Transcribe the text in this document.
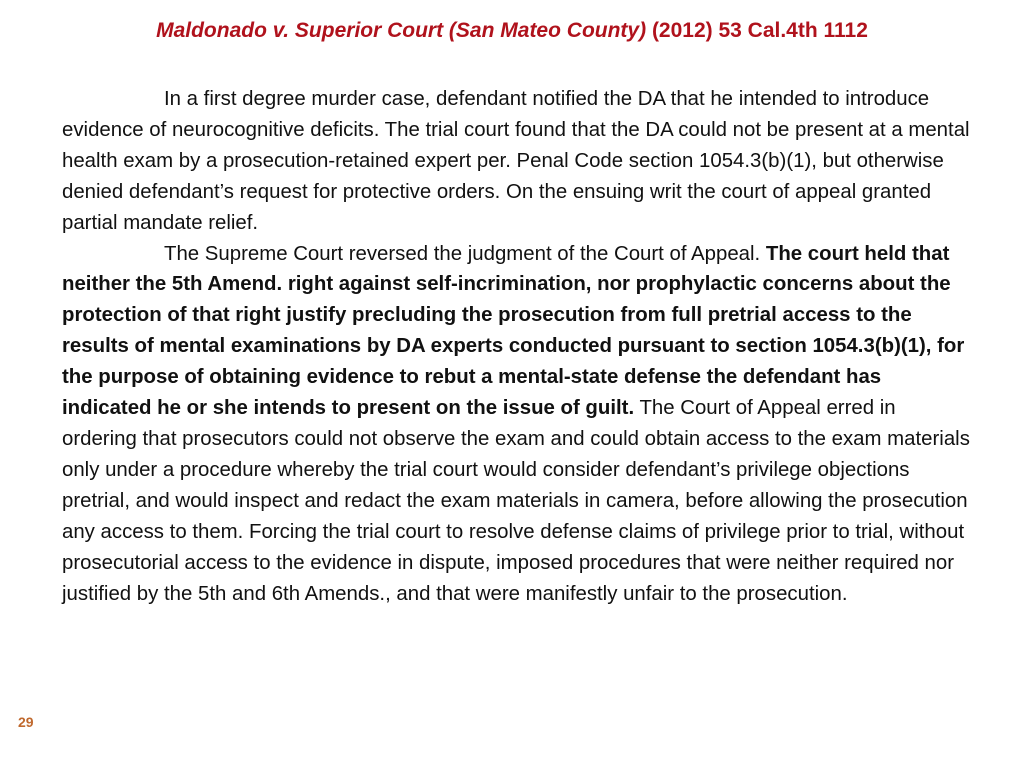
Maldonado v. Superior Court (San Mateo County) (2012) 53 Cal.4th 1112

In a first degree murder case, defendant notified the DA that he intended to introduce evidence of neurocognitive deficits. The trial court found that the DA could not be present at a mental health exam by a prosecution-retained expert per. Penal Code section 1054.3(b)(1), but otherwise denied defendant’s request for protective orders. On the ensuing writ the court of appeal granted partial mandate relief.

The Supreme Court reversed the judgment of the Court of Appeal. The court held that neither the 5th Amend. right against self-incrimination, nor prophylactic concerns about the protection of that right justify precluding the prosecution from full pretrial access to the results of mental examinations by DA experts conducted pursuant to section 1054.3(b)(1), for the purpose of obtaining evidence to rebut a mental-state defense the defendant has indicated he or she intends to present on the issue of guilt. The Court of Appeal erred in ordering that prosecutors could not observe the exam and could obtain access to the exam materials only under a procedure whereby the trial court would consider defendant’s privilege objections pretrial, and would inspect and redact the exam materials in camera, before allowing the prosecution any access to them. Forcing the trial court to resolve defense claims of privilege prior to trial, without prosecutorial access to the evidence in dispute, imposed procedures that were neither required nor justified by the 5th and 6th Amends., and that were manifestly unfair to the prosecution.

29
